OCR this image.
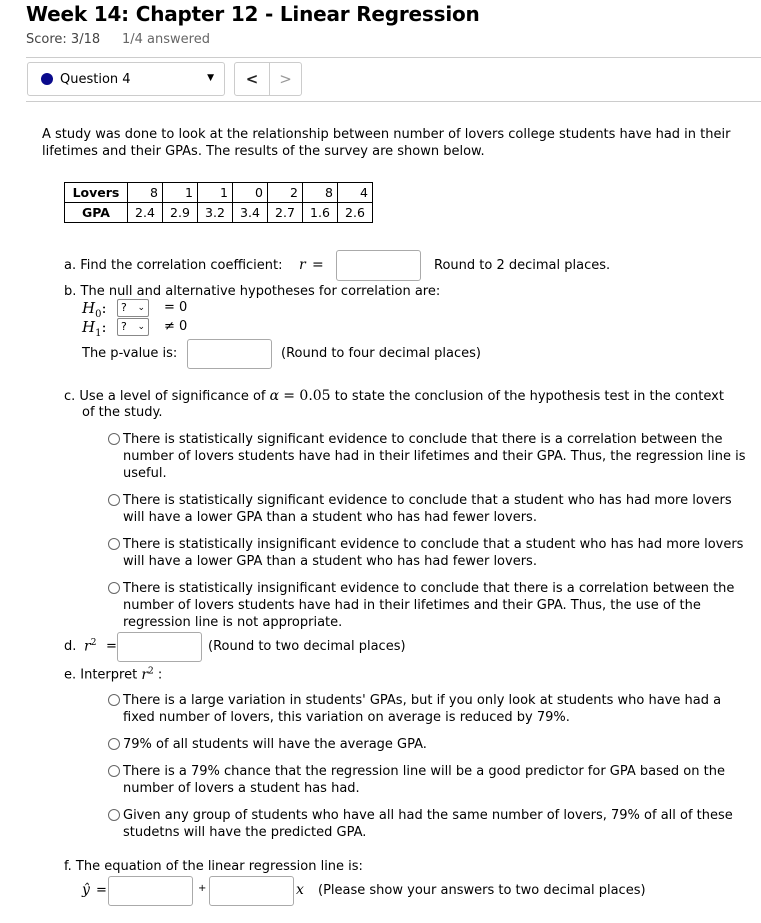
Week 14: Chapter 12 - Linear Regression
Score: 3/18 1/4 answered
Question 4	▼	<	>
A study was done to look at the relationship between number of lovers college students have had in their lifetimes and their GPAs. The results of the survey are shown below.
Lovers	8	1	1	0	2	8	4
GPA	2.4	2.9	3.2	3.4	2.7	1.6	2.6
a. Find the correlation coefficient: r =	Round to 2 decimal places.
b. The null and alternative hypotheses for correlation are:
$H_0$:	? ⌄ = 0
$H_1$:	? ⌄ ≠ 0
The p-value is:	(Round to four decimal places)
c. Use a level of significance of α = 0.05 to state the conclusion of the hypothesis test in the context
of the study.
There is statistically significant evidence to conclude that there is a correlation between the
number of lovers students have had in their lifetimes and their GPA. Thus, the regression line is
useful.
There is statistically significant evidence to conclude that a student who has had more lovers
will have a lower GPA than a student who has had fewer lovers.
There is statistically insignificant evidence to conclude that a student who has had more lovers
will have a lower GPA than a student who has had fewer lovers.
There is statistically insignificant evidence to conclude that there is a correlation between the
number of lovers students have had in their lifetimes and their GPA. Thus, the use of the
regression line is not appropriate.
d. $r^2$ =	(Round to two decimal places)
e. Interpret $r^2$ :
There is a large variation in students' GPAs, but if you only look at students who have had a
fixed number of lovers, this variation on average is reduced by 79%.
79% of all students will have the average GPA.
There is a 79% chance that the regression line will be a good predictor for GPA based on the
number of lovers a student has had.
Given any group of students who have all had the same number of lovers, 79% of all of these
studetns will have the predicted GPA.
f. The equation of the linear regression line is:
ŷ =	+	x (Please show your answers to two decimal places)
